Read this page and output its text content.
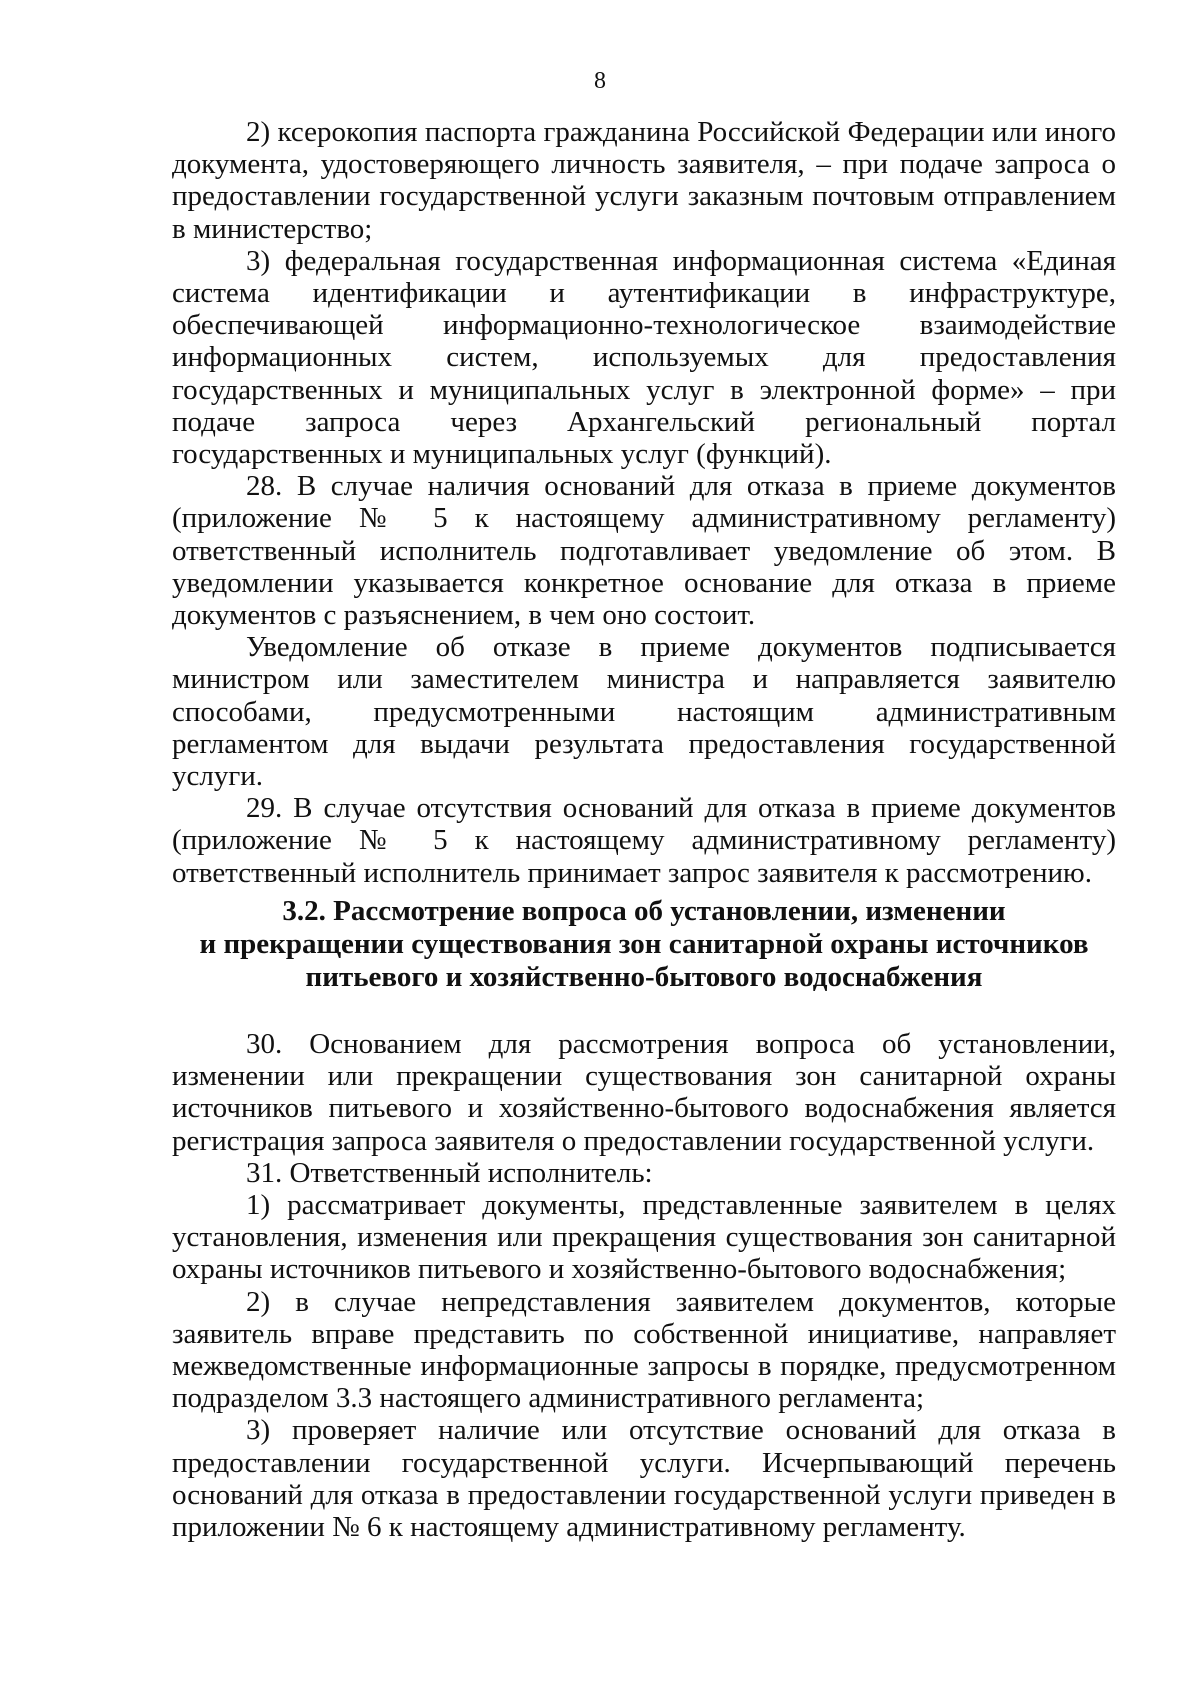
8

2) ксерокопия паспорта гражданина Российской Федерации или иного документа, удостоверяющего личность заявителя, – при подаче запроса о предоставлении государственной услуги заказным почтовым отправлением в министерство;

3) федеральная государственная информационная система «Единая система идентификации и аутентификации в инфраструктуре, обеспечивающей информационно-технологическое взаимодействие информационных систем, используемых для предоставления государственных и муниципальных услуг в электронной форме» – при подаче запроса через Архангельский региональный портал государственных и муниципальных услуг (функций).

28. В случае наличия оснований для отказа в приеме документов (приложение № 5 к настоящему административному регламенту) ответственный исполнитель подготавливает уведомление об этом. В уведомлении указывается конкретное основание для отказа в приеме документов с разъяснением, в чем оно состоит.

Уведомление об отказе в приеме документов подписывается министром или заместителем министра и направляется заявителю способами, предусмотренными настоящим административным регламентом для выдачи результата предоставления государственной услуги.

29. В случае отсутствия оснований для отказа в приеме документов (приложение № 5 к настоящему административному регламенту) ответственный исполнитель принимает запрос заявителя к рассмотрению.

3.2. Рассмотрение вопроса об установлении, изменении
и прекращении существования зон санитарной охраны источников
питьевого и хозяйственно-бытового водоснабжения

30. Основанием для рассмотрения вопроса об установлении, изменении или прекращении существования зон санитарной охраны источников питьевого и хозяйственно-бытового водоснабжения является регистрация запроса заявителя о предоставлении государственной услуги.

31. Ответственный исполнитель:

1) рассматривает документы, представленные заявителем в целях установления, изменения или прекращения существования зон санитарной охраны источников питьевого и хозяйственно-бытового водоснабжения;

2) в случае непредставления заявителем документов, которые заявитель вправе представить по собственной инициативе, направляет межведомственные информационные запросы в порядке, предусмотренном подразделом 3.3 настоящего административного регламента;

3) проверяет наличие или отсутствие оснований для отказа в предоставлении государственной услуги. Исчерпывающий перечень оснований для отказа в предоставлении государственной услуги приведен в приложении № 6 к настоящему административному регламенту.
